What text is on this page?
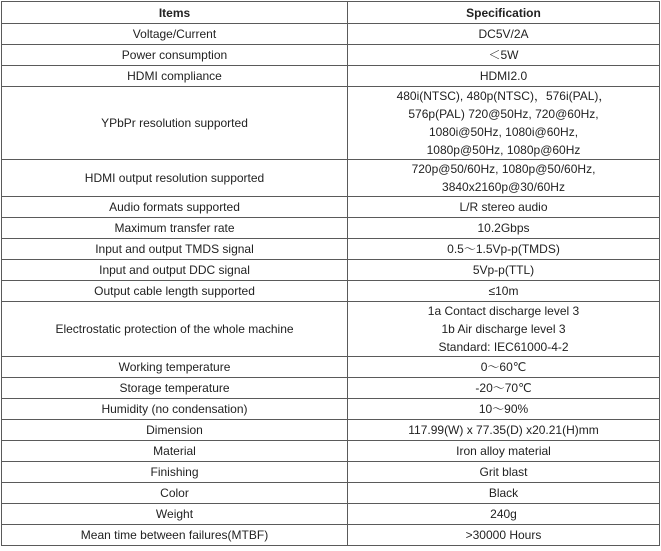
Items	Specification
Voltage/Current	DC5V/2A

Power consumption	＜5W

HDMI compliance	HDMI2.0

YPbPr resolution supported	480i(NTSC), 480p(NTSC)，576i(PAL)，
576p(PAL) 720@50Hz, 720@60Hz,
1080i@50Hz, 1080i@60Hz,
1080p@50Hz, 1080p@60Hz

HDMI output resolution supported	720p@50/60Hz, 1080p@50/60Hz,
3840x2160p@30/60Hz

Audio formats supported	L/R stereo audio

Maximum transfer rate	10.2Gbps

Input and output TMDS signal	0.5～1.5Vp-p(TMDS)

Input and output DDC signal	5Vp-p(TTL)

Output cable length supported	≤10m

Electrostatic protection of the whole machine	1a Contact discharge level 3
1b Air discharge level 3
Standard: IEC61000-4-2

Working temperature	0～60℃

Storage temperature	-20～70℃

Humidity (no condensation)	10～90%

Dimension	117.99(W) x 77.35(D) x20.21(H)mm

Material	Iron alloy material

Finishing	Grit blast

Color	Black

Weight	240g

Mean time between failures(MTBF)	>30000 Hours
